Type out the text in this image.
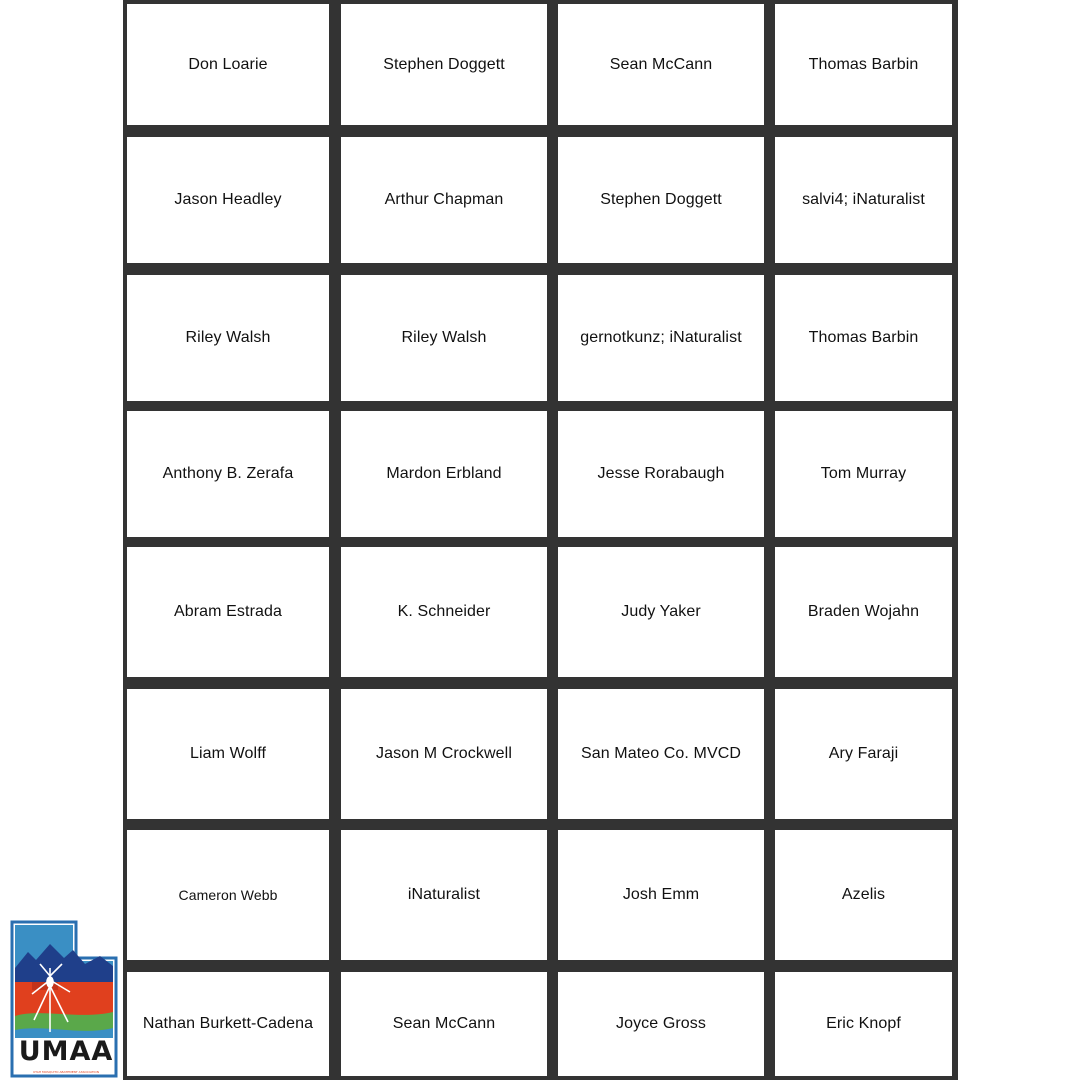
Don Loarie	Stephen Doggett	Sean McCann	Thomas Barbin
Jason Headley	Arthur Chapman	Stephen Doggett	salvi4; iNaturalist
Riley Walsh	Riley Walsh	gernotkunz; iNaturalist	Thomas Barbin
Anthony B. Zerafa	Mardon Erbland	Jesse Rorabaugh	Tom Murray
Abram Estrada	K. Schneider	Judy Yaker	Braden Wojahn
Liam Wolff	Jason M Crockwell	San Mateo Co. MVCD	Ary Faraji
Cameron Webb	iNaturalist	Josh Emm	Azelis
Nathan Burkett-Cadena	Sean McCann	Joyce Gross	Eric Knopf
UMAA
UTAH MOSQUITO ABATEMENT ASSOCIATION
